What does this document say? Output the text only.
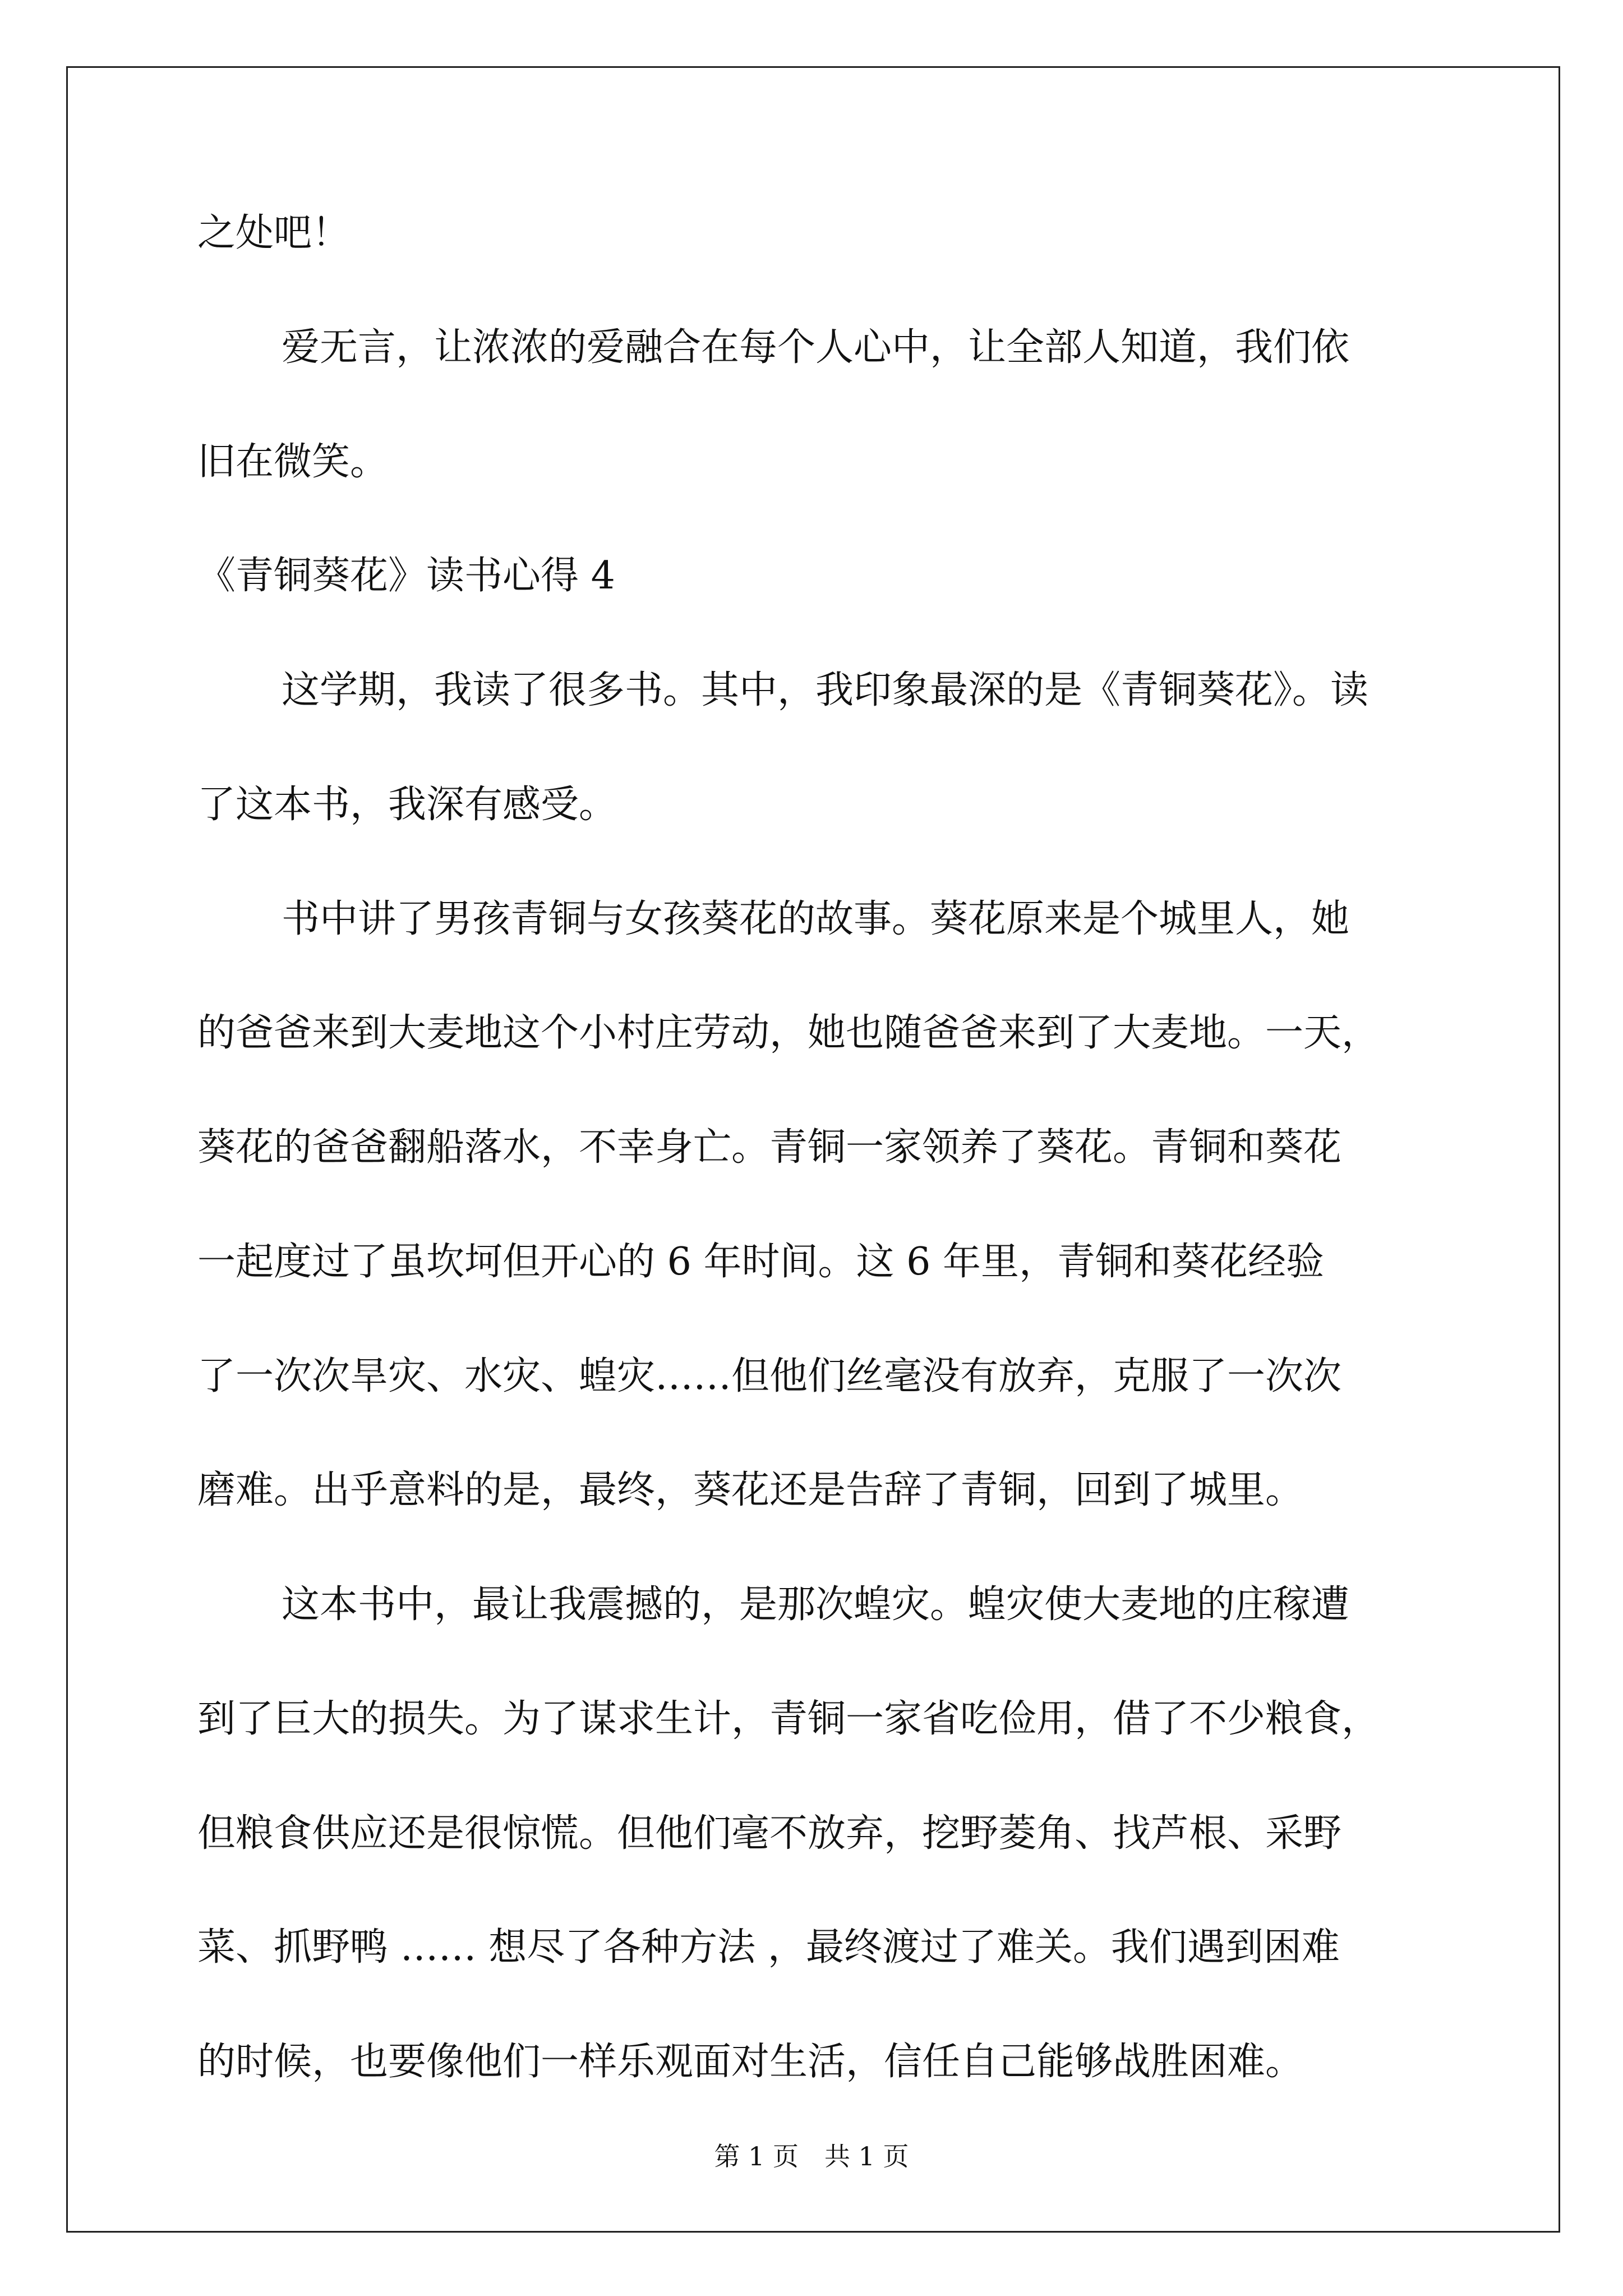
之处吧！
爱无言，让浓浓的爱融合在每个人心中，让全部人知道，我们依
旧在微笑。
《青铜葵花》读书心得 4
这学期，我读了很多书。其中，我印象最深的是《青铜葵花》。读
了这本书，我深有感受。
书中讲了男孩青铜与女孩葵花的故事。葵花原来是个城里人，她
的爸爸来到大麦地这个小村庄劳动，她也随爸爸来到了大麦地。一天，
葵花的爸爸翻船落水，不幸身亡。青铜一家领养了葵花。青铜和葵花
一起度过了虽坎坷但开心的 6 年时间。这 6 年里，青铜和葵花经验
了一次次旱灾、水灾、蝗灾……但他们丝毫没有放弃，克服了一次次
磨难。出乎意料的是，最终，葵花还是告辞了青铜，回到了城里。
这本书中，最让我震撼的，是那次蝗灾。蝗灾使大麦地的庄稼遭
到了巨大的损失。为了谋求生计，青铜一家省吃俭用，借了不少粮食，
但粮食供应还是很惊慌。但他们毫不放弃，挖野菱角、找芦根、采野
菜、抓野鸭 …… 想尽了各种方法 ，最终渡过了难关。我们遇到困难
的时候，也要像他们一样乐观面对生活，信任自己能够战胜困难。
第 1 页　共 1 页
